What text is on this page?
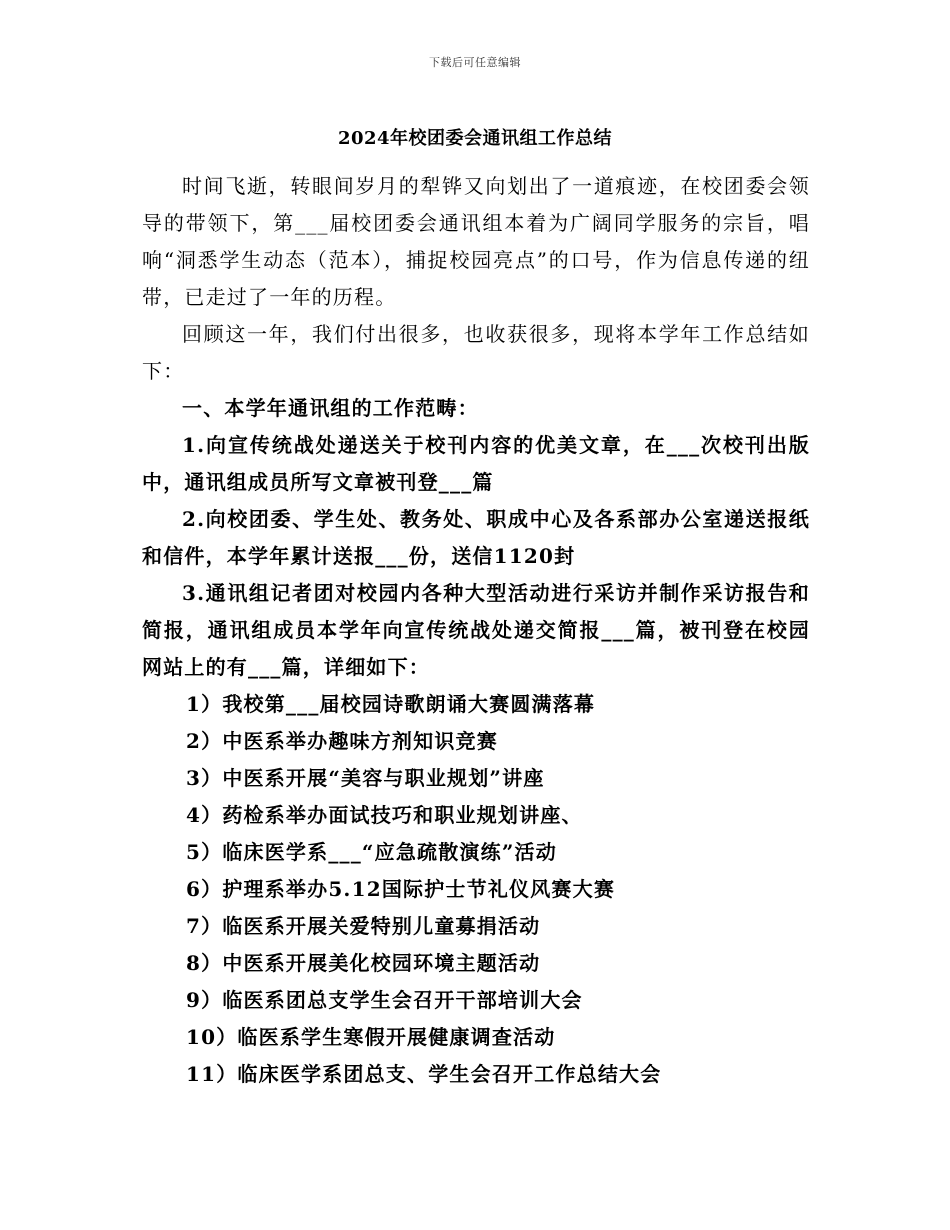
下载后可任意编辑
2024年校团委会通讯组工作总结

时间飞逝，转眼间岁月的犁铧又向划出了一道痕迹，在校团委会领导的带领下，第___届校团委会通讯组本着为广阔同学服务的宗旨，唱响“洞悉学生动态（范本），捕捉校园亮点”的口号，作为信息传递的纽带，已走过了一年的历程。

回顾这一年，我们付出很多，也收获很多，现将本学年工作总结如下：

一、本学年通讯组的工作范畴：

1.向宣传统战处递送关于校刊内容的优美文章，在___次校刊出版中，通讯组成员所写文章被刊登___篇

2.向校团委、学生处、教务处、职成中心及各系部办公室递送报纸和信件，本学年累计送报___份，送信1120封

3.通讯组记者团对校园内各种大型活动进行采访并制作采访报告和简报，通讯组成员本学年向宣传统战处递交简报___篇，被刊登在校园网站上的有___篇，详细如下：

1）我校第___届校园诗歌朗诵大赛圆满落幕
2）中医系举办趣味方剂知识竞赛
3）中医系开展“美容与职业规划”讲座
4）药检系举办面试技巧和职业规划讲座、
5）临床医学系___“应急疏散演练”活动
6）护理系举办5.12国际护士节礼仪风赛大赛
7）临医系开展关爱特别儿童募捐活动
8）中医系开展美化校园环境主题活动
9）临医系团总支学生会召开干部培训大会
10）临医系学生寒假开展健康调查活动
11）临床医学系团总支、学生会召开工作总结大会
